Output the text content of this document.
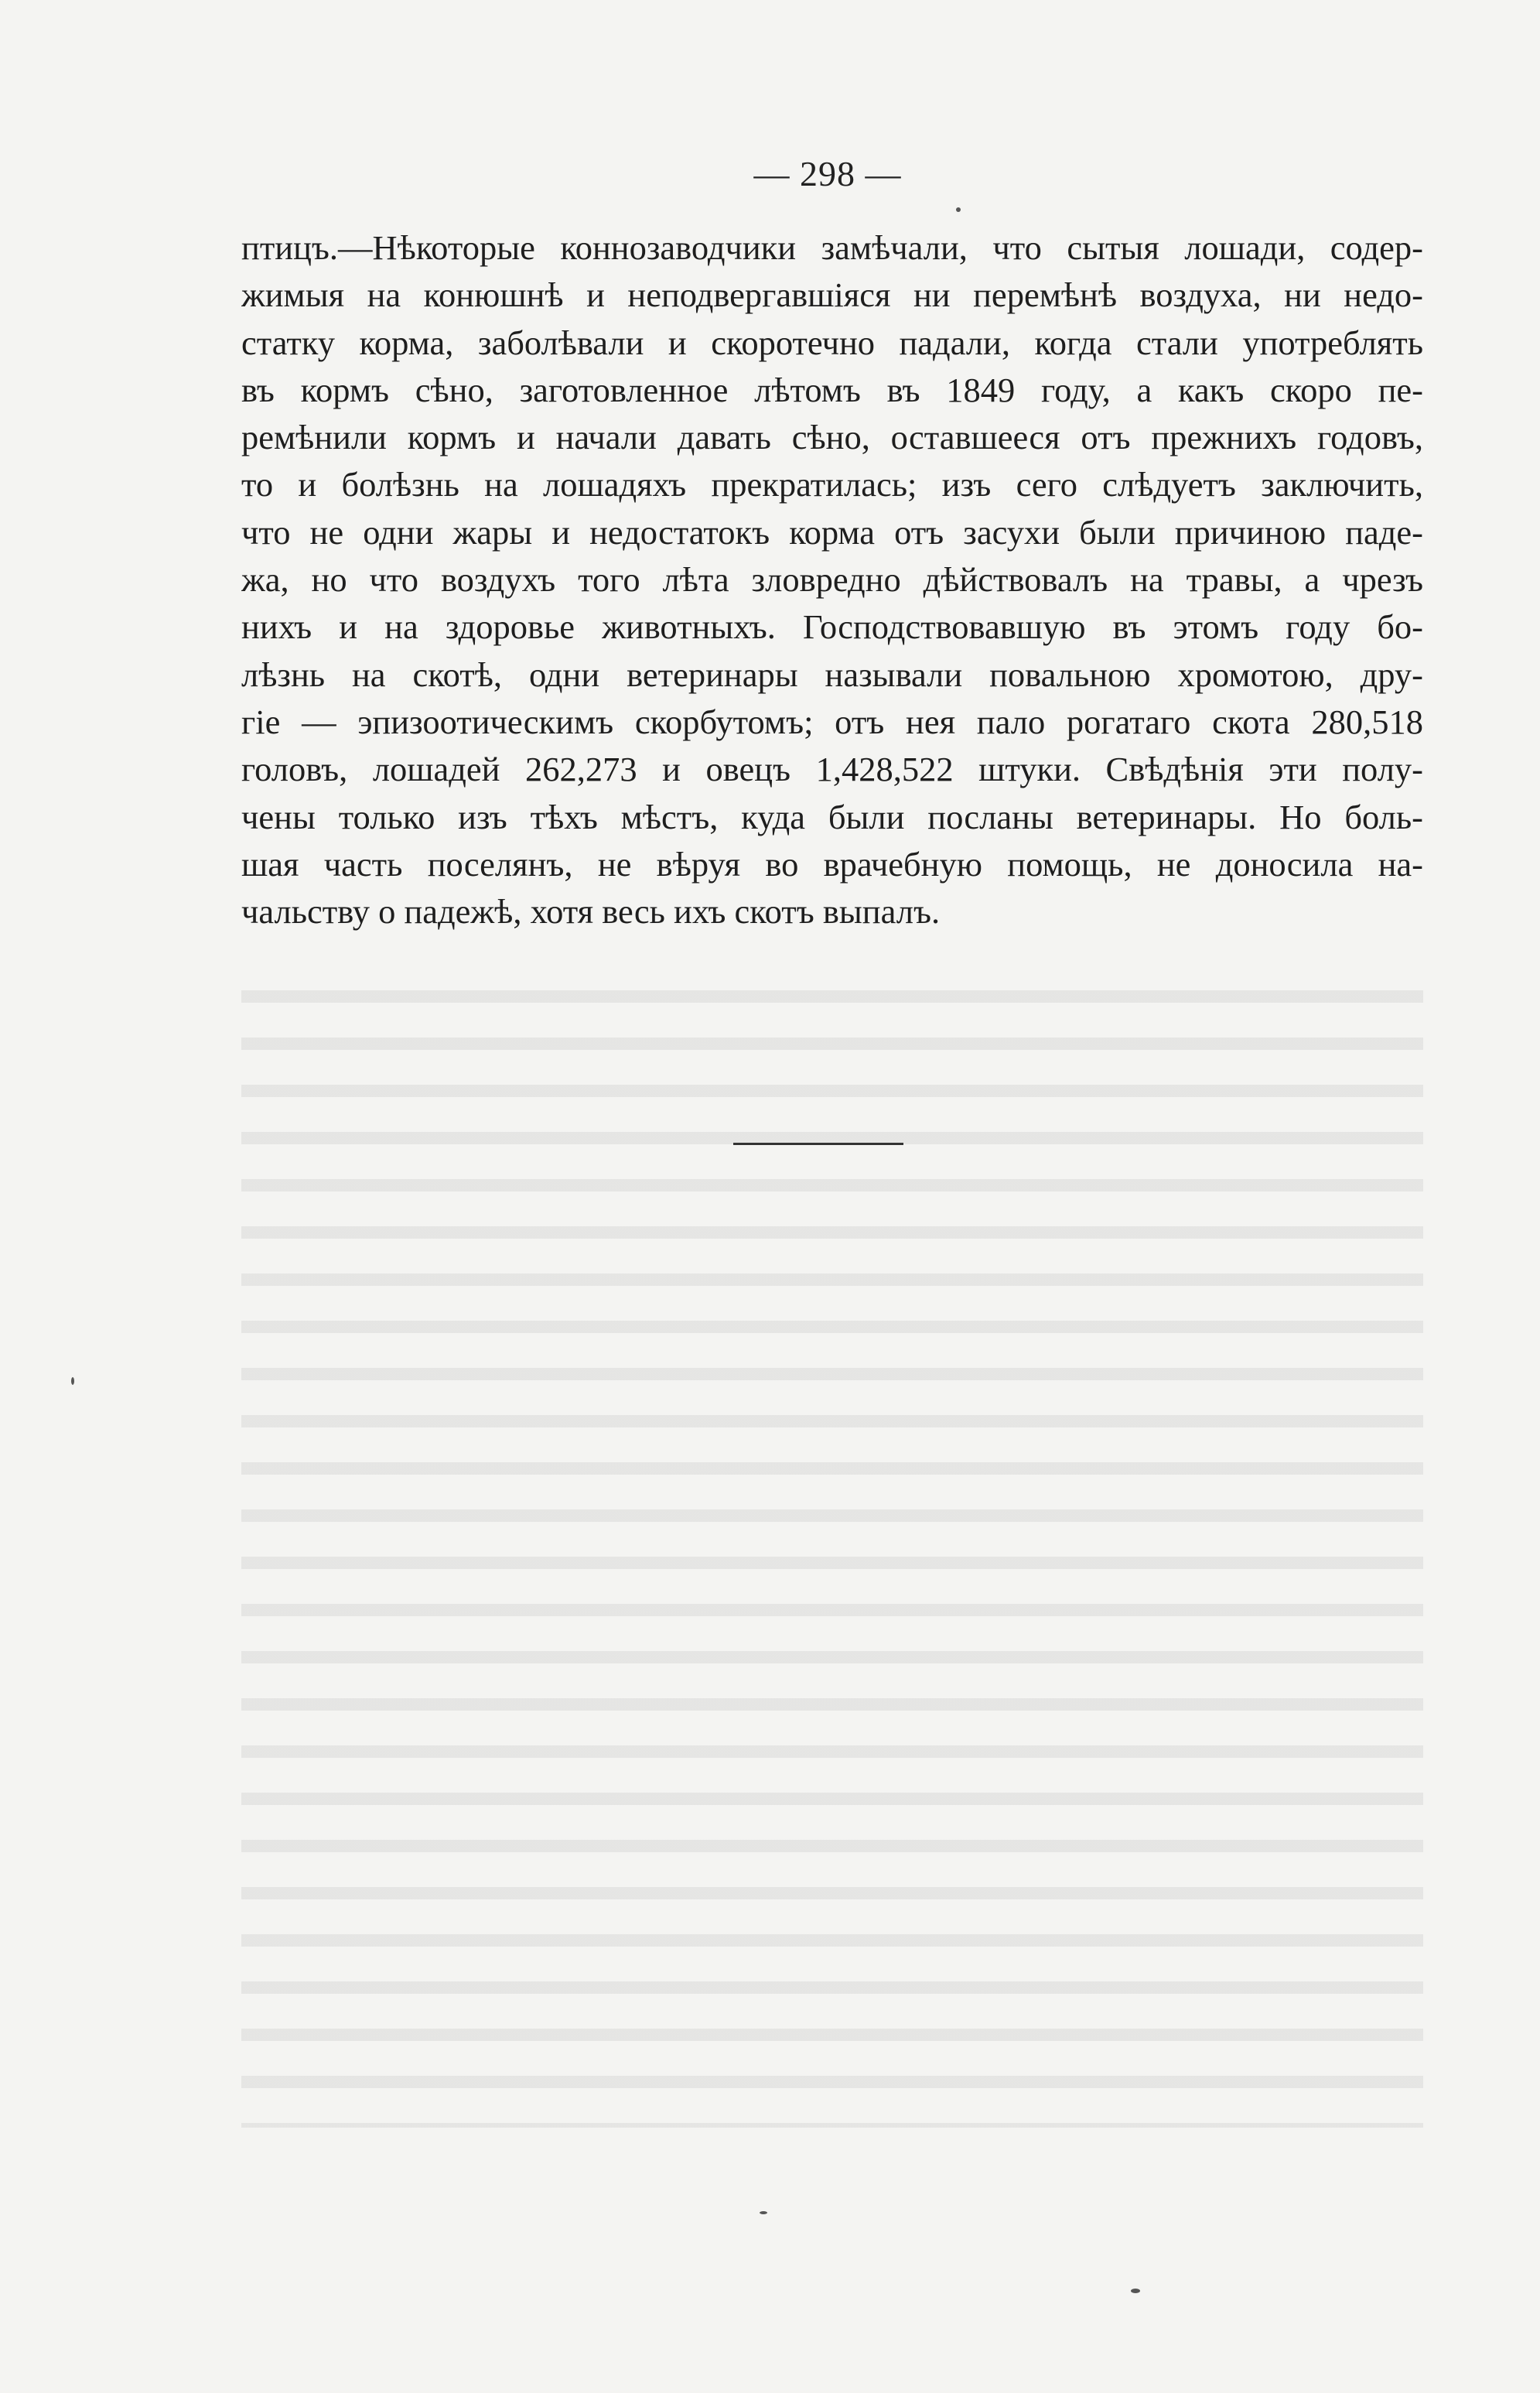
— 298 —
птицъ.—Нѣкоторые коннозаводчики замѣчали, что сытыя лошади, содер-
жимыя на конюшнѣ и неподвергавшіяся ни перемѣнѣ воздуха, ни недо-
статку корма, заболѣвали и скоротечно падали, когда стали употреблять
въ кормъ сѣно, заготовленное лѣтомъ въ 1849 году, а какъ скоро пе-
ремѣнили кормъ и начали давать сѣно, оставшееся отъ прежнихъ годовъ,
то и болѣзнь на лошадяхъ прекратилась; изъ сего слѣдуетъ заключить,
что не одни жары и недостатокъ корма отъ засухи были причиною паде-
жа, но что воздухъ того лѣта зловредно дѣйствовалъ на травы, а чрезъ
нихъ и на здоровье животныхъ. Господствовавшую въ этомъ году бо-
лѣзнь на скотѣ, одни ветеринары называли повальною хромотою, дру-
гіе — эпизоотическимъ скорбутомъ; отъ нея пало рогатаго скота 280,518
головъ, лошадей 262,273 и овецъ 1,428,522 штуки. Свѣдѣнія эти полу-
чены только изъ тѣхъ мѣстъ, куда были посланы ветеринары. Но боль-
шая часть поселянъ, не вѣруя во врачебную помощь, не доносила на-
чальству о падежѣ, хотя весь ихъ скотъ выпалъ.
